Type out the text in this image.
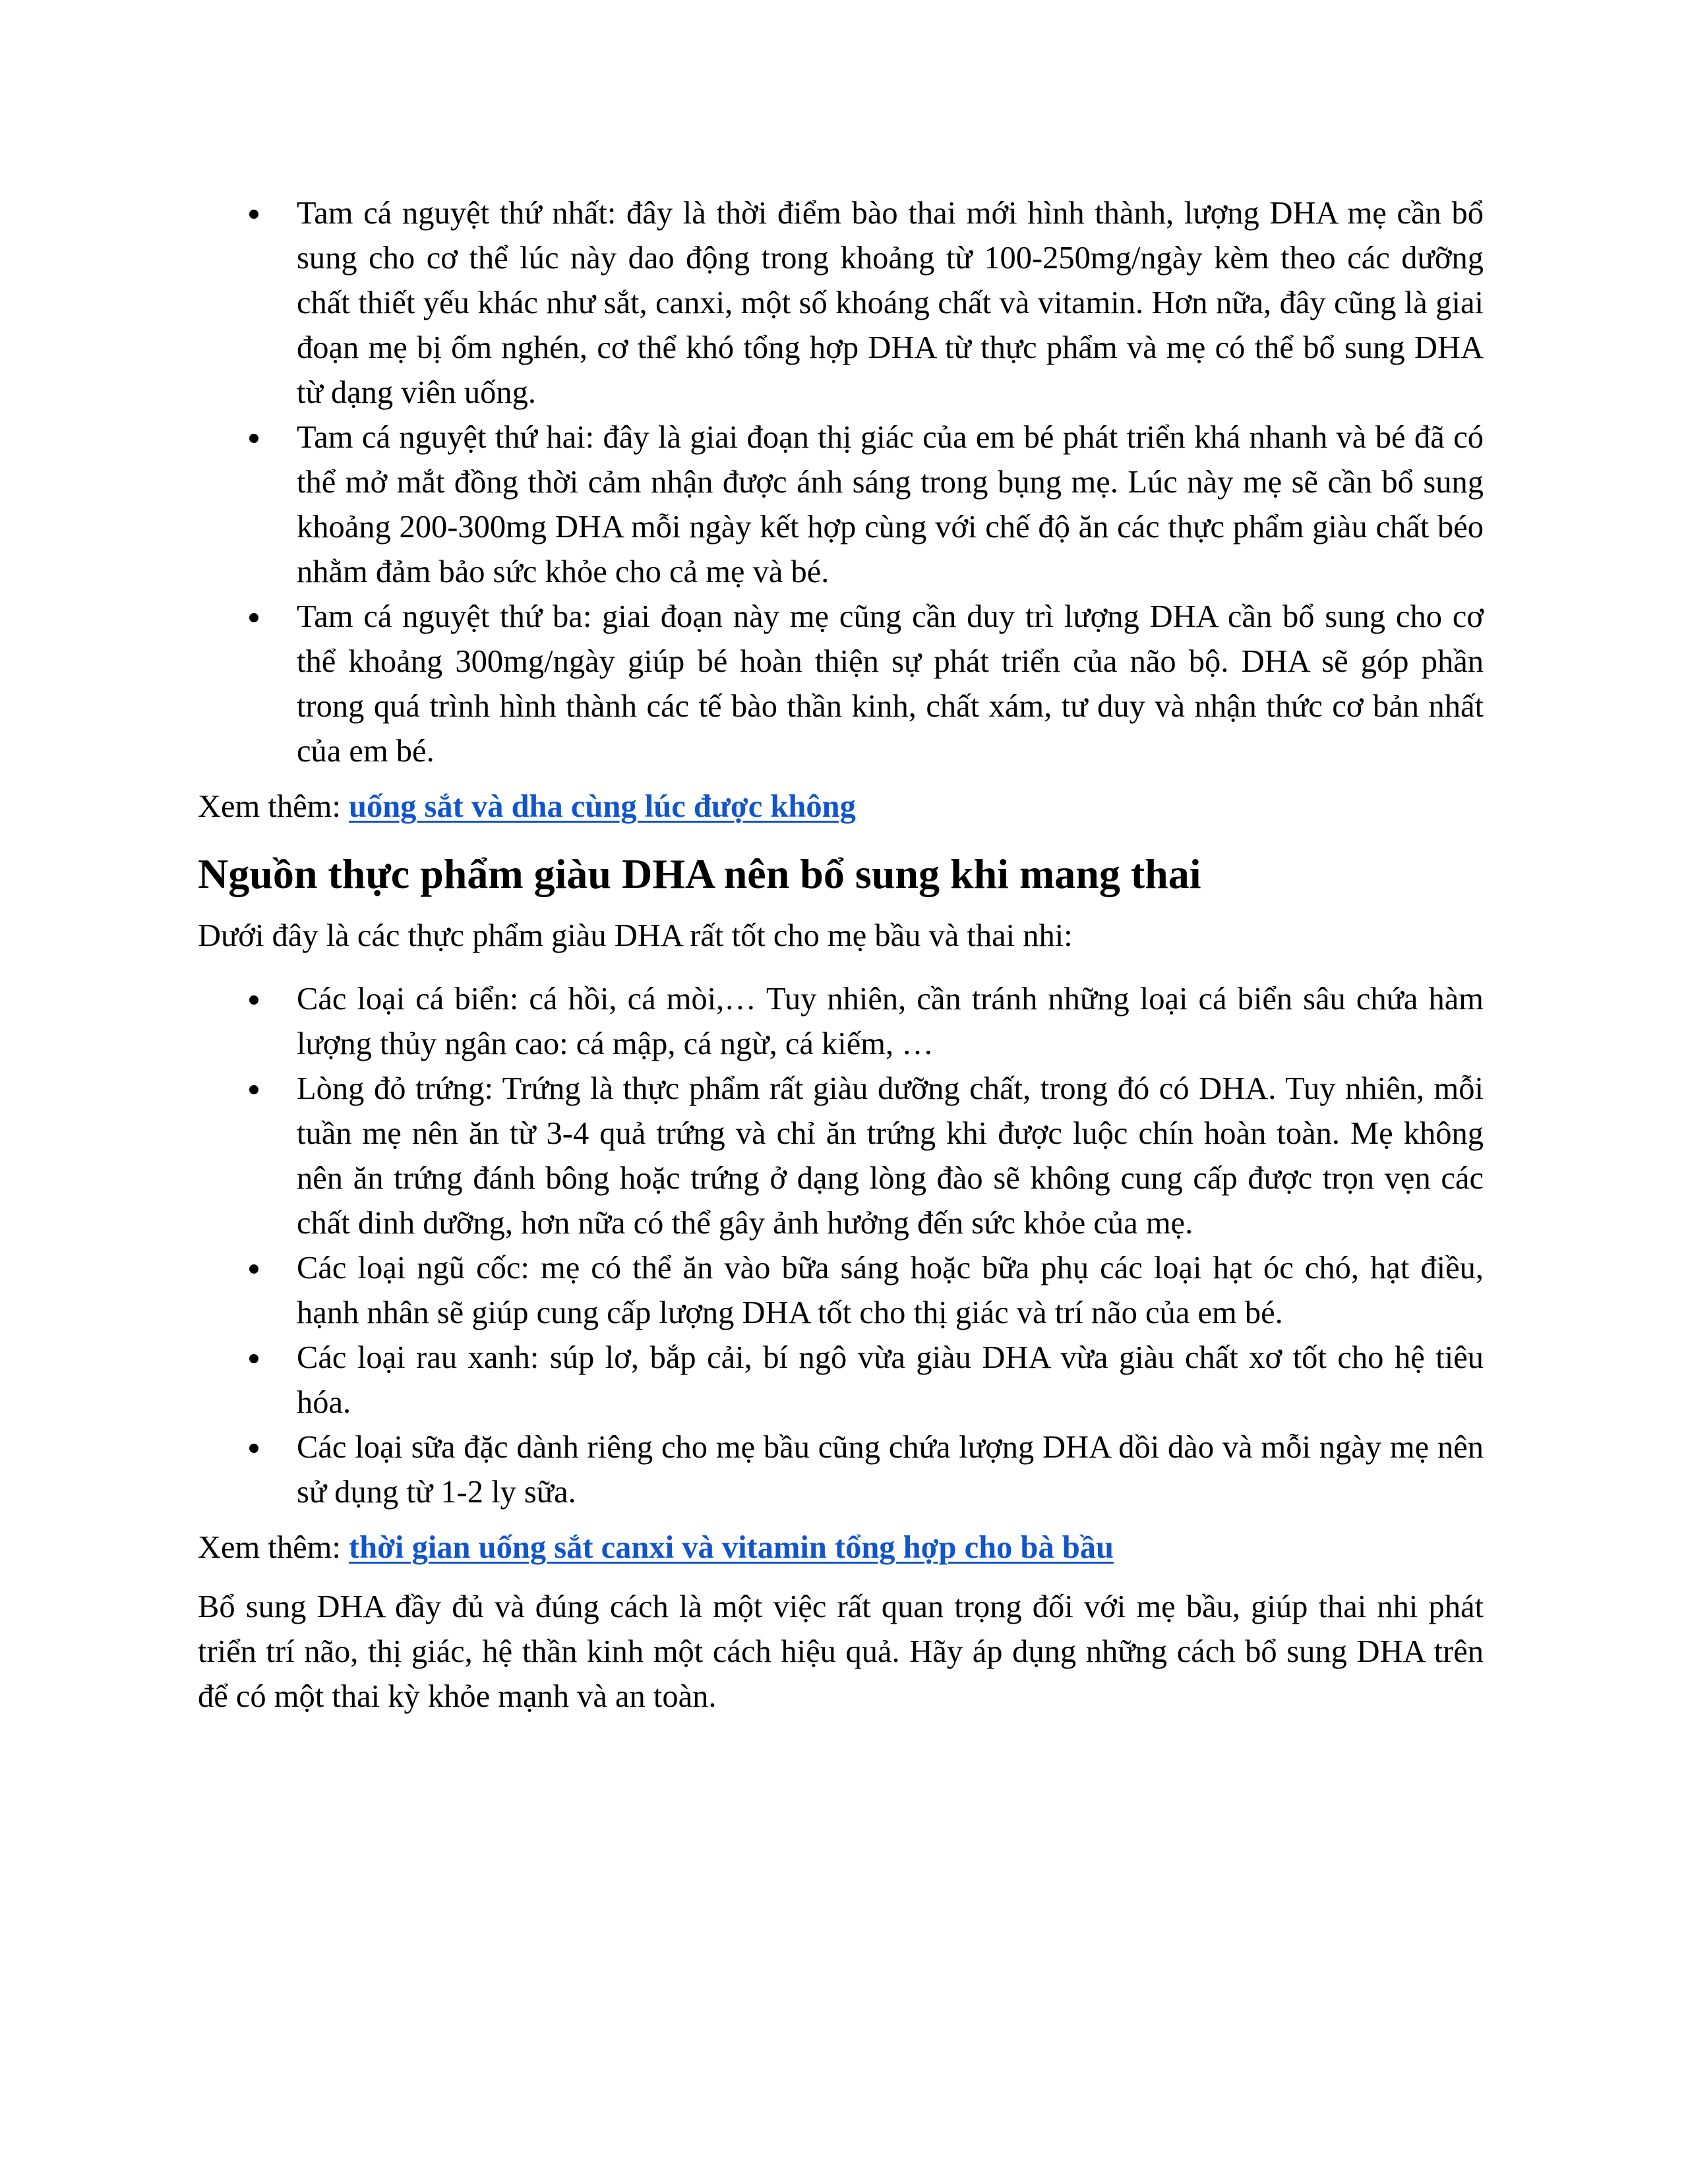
Tam cá nguyệt thứ nhất: đây là thời điểm bào thai mới hình thành, lượng DHA mẹ cần bổ sung cho cơ thể lúc này dao động trong khoảng từ 100-250mg/ngày kèm theo các dưỡng chất thiết yếu khác như sắt, canxi, một số khoáng chất và vitamin. Hơn nữa, đây cũng là giai đoạn mẹ bị ốm nghén, cơ thể khó tổng hợp DHA từ thực phẩm và mẹ có thể bổ sung DHA từ dạng viên uống.
Tam cá nguyệt thứ hai: đây là giai đoạn thị giác của em bé phát triển khá nhanh và bé đã có thể mở mắt đồng thời cảm nhận được ánh sáng trong bụng mẹ. Lúc này mẹ sẽ cần bổ sung khoảng 200-300mg DHA mỗi ngày kết hợp cùng với chế độ ăn các thực phẩm giàu chất béo nhằm đảm bảo sức khỏe cho cả mẹ và bé.
Tam cá nguyệt thứ ba: giai đoạn này mẹ cũng cần duy trì lượng DHA cần bổ sung cho cơ thể khoảng 300mg/ngày giúp bé hoàn thiện sự phát triển của não bộ. DHA sẽ góp phần trong quá trình hình thành các tế bào thần kinh, chất xám, tư duy và nhận thức cơ bản nhất của em bé.

Xem thêm: uống sắt và dha cùng lúc được không

Nguồn thực phẩm giàu DHA nên bổ sung khi mang thai

Dưới đây là các thực phẩm giàu DHA rất tốt cho mẹ bầu và thai nhi:

Các loại cá biển: cá hồi, cá mòi,… Tuy nhiên, cần tránh những loại cá biển sâu chứa hàm lượng thủy ngân cao: cá mập, cá ngừ, cá kiếm, …
Lòng đỏ trứng: Trứng là thực phẩm rất giàu dưỡng chất, trong đó có DHA. Tuy nhiên, mỗi tuần mẹ nên ăn từ 3-4 quả trứng và chỉ ăn trứng khi được luộc chín hoàn toàn. Mẹ không nên ăn trứng đánh bông hoặc trứng ở dạng lòng đào sẽ không cung cấp được trọn vẹn các chất dinh dưỡng, hơn nữa có thể gây ảnh hưởng đến sức khỏe của mẹ.
Các loại ngũ cốc: mẹ có thể ăn vào bữa sáng hoặc bữa phụ các loại hạt óc chó, hạt điều, hạnh nhân sẽ giúp cung cấp lượng DHA tốt cho thị giác và trí não của em bé.
Các loại rau xanh: súp lơ, bắp cải, bí ngô vừa giàu DHA vừa giàu chất xơ tốt cho hệ tiêu hóa.
Các loại sữa đặc dành riêng cho mẹ bầu cũng chứa lượng DHA dồi dào và mỗi ngày mẹ nên sử dụng từ 1-2 ly sữa.

Xem thêm: thời gian uống sắt canxi và vitamin tổng hợp cho bà bầu

Bổ sung DHA đầy đủ và đúng cách là một việc rất quan trọng đối với mẹ bầu, giúp thai nhi phát triển trí não, thị giác, hệ thần kinh một cách hiệu quả. Hãy áp dụng những cách bổ sung DHA trên để có một thai kỳ khỏe mạnh và an toàn.
